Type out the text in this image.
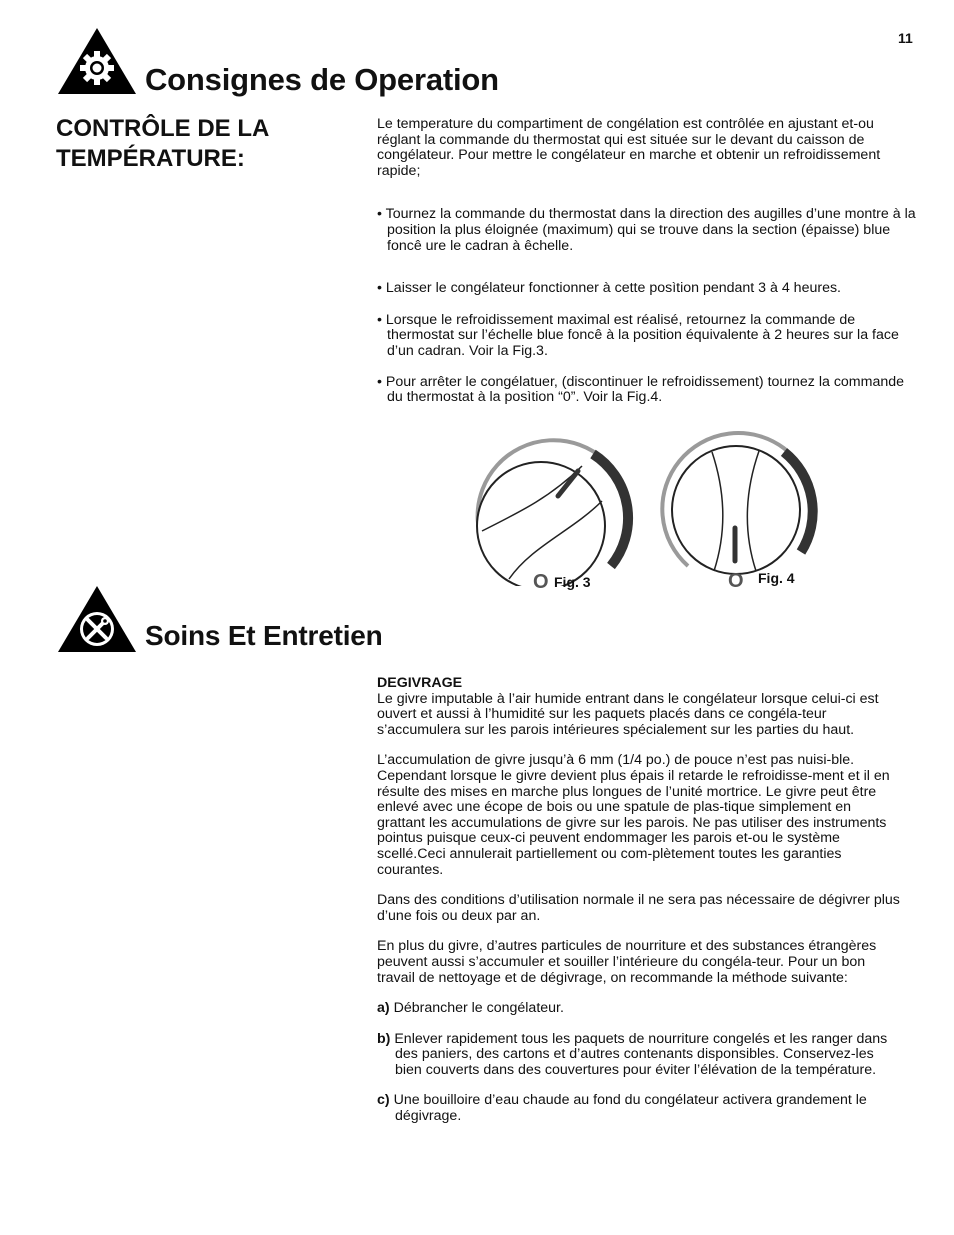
11
Consignes de Operation
CONTRÔLE DE LA TEMPÉRATURE:

Le temperature du compartiment de congélation est contrôlée en ajustant et-ou réglant la commande du thermostat qui est située sur le devant du caisson de congélateur. Pour mettre le congélateur en marche et obtenir un refroidissement rapide;

• Tournez la commande du thermostat dans la direction des augilles d’une montre à la position la plus éloignée (maximum) qui se trouve dans la section (épaisse) blue foncê ure le cadran à êchelle.

• Laisser le congélateur fonctionner à cette posìtion pendant 3 à 4 heures.

• Lorsque le refroidissement maximal est réalisé, retournez la commande de thermostat sur l’échelle blue foncê à la position équivalente à 2 heures sur la face d’un cadran. Voir la Fig.3.

• Pour arrêter le congélatuer, (discontinuer le refroidissement) tournez la commande du thermostat à la posìtion “0”. Voir la Fig.4.

O Fig. 3	O Fig. 4
Soins Et Entretien

DEGIVRAGE

Le givre imputable à l’air humide entrant dans le congélateur lorsque celui-ci est ouvert et aussi à l’humidité sur les paquets placés dans ce congéla-teur s’accumulera sur les parois intérieures spécialement sur les parties du haut.

L’accumulation de givre jusqu’à 6 mm (1/4 po.) de pouce n’est pas nuisi-ble. Cependant lorsque le givre devient plus épais il retarde le refroidisse-ment et il en résulte des mises en marche plus longues de l’unité mortrice. Le givre peut être enlevé avec une écope de bois ou une spatule de plas-tique simplement en grattant les accumulations de givre sur les parois. Ne pas utiliser des instruments pointus puisque ceux-ci peuvent endommager les parois et-ou le système scellé.Ceci annulerait partiellement ou com-plètement toutes les garanties courantes.

Dans des conditions d’utilisation normale il ne sera pas nécessaire de dégivrer plus d’une fois ou deux par an.

En plus du givre, d’autres particules de nourriture et des substances étrangères peuvent aussi s’accumuler et souiller l’intérieure du congéla-teur. Pour un bon travail de nettoyage et de dégivrage, on recommande la méthode suivante:

a) Débrancher le congélateur.

b) Enlever rapidement tous les paquets de nourriture congelés et les ranger dans des paniers, des cartons et d’autres contenants disponsibles. Conservez-les bien couverts dans des couvertures pour éviter l’élévation de la température.

c) Une bouilloire d’eau chaude au fond du congélateur activera grandement le dégivrage.
